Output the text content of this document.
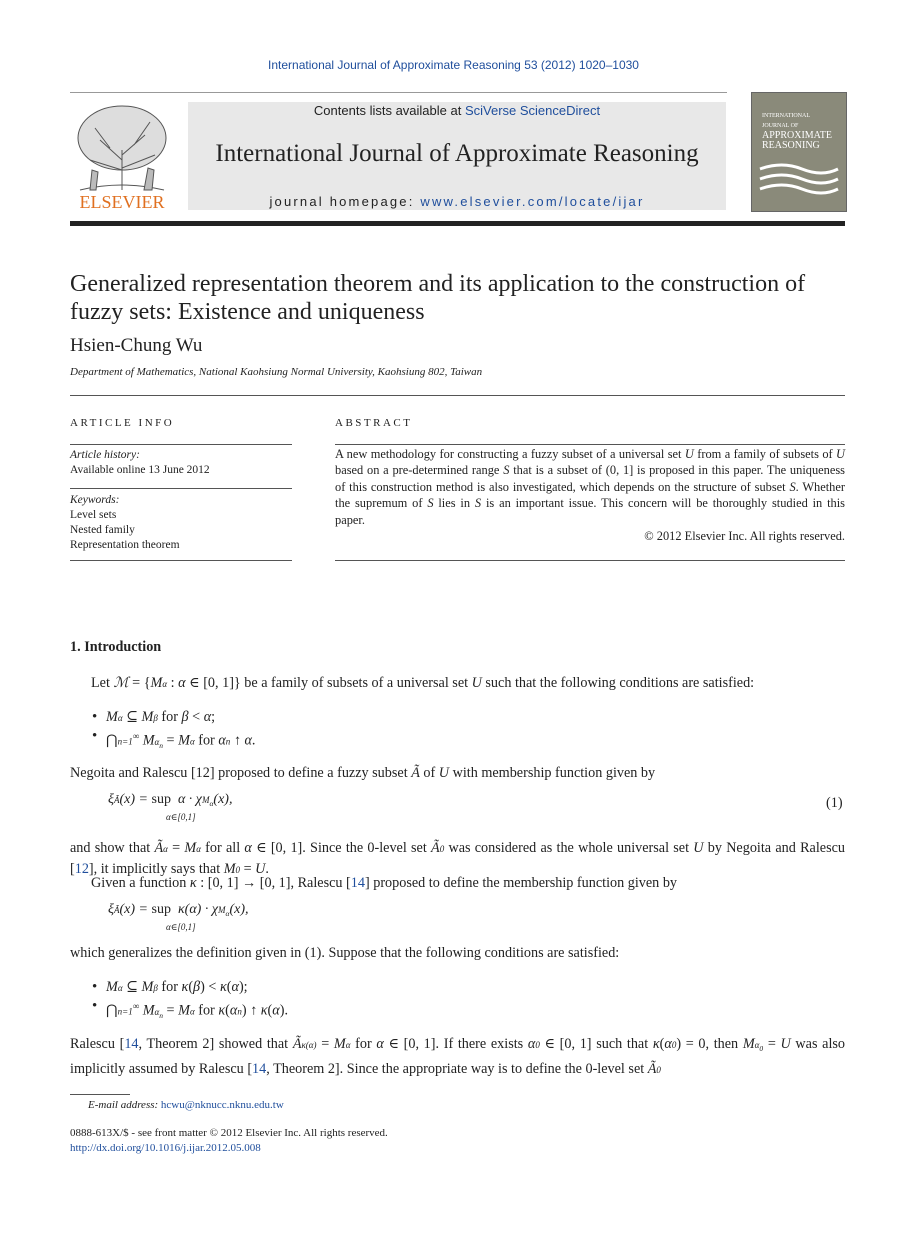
International Journal of Approximate Reasoning 53 (2012) 1020–1030
ELSEVIER
Contents lists available at SciVerse ScienceDirect
International Journal of Approximate Reasoning
journal homepage: www.elsevier.com/locate/ijar
INTERNATIONAL JOURNAL OF
APPROXIMATE
REASONING
Generalized representation theorem and its application to the construction of fuzzy sets: Existence and uniqueness
Hsien-Chung Wu
Department of Mathematics, National Kaohsiung Normal University, Kaohsiung 802, Taiwan
ARTICLE INFO
Article history:
Available online 13 June 2012
Keywords:
Level sets
Nested family
Representation theorem
ABSTRACT
A new methodology for constructing a fuzzy subset of a universal set U from a family of subsets of U based on a pre-determined range S that is a subset of (0, 1] is proposed in this paper. The uniqueness of this construction method is also investigated, which depends on the structure of subset S. Whether the supremum of S lies in S is an important issue. This concern will be thoroughly studied in this paper.
© 2012 Elsevier Inc. All rights reserved.
1. Introduction
Let ℳ = {Mα : α ∈ [0, 1]} be a family of subsets of a universal set U such that the following conditions are satisfied:
• Mα ⊆ Mβ for β < α;
• ⋂n=1∞ $M\alpha_n = M\alpha$ for αn ↑ α.
Negoita and Ralescu [12] proposed to define a fuzzy subset Ã of U with membership function given by
ξÃ(x) = sup  $\alpha \cdot \chi M_\alpha(x)$,
α∈[0,1]
(1)
and show that Ãα = Mα for all α ∈ [0, 1]. Since the 0-level set Ã0 was considered as the whole universal set U by Negoita and Ralescu [12], it implicitly says that M0 = U.
Given a function κ : [0, 1] → [0, 1], Ralescu [14] proposed to define the membership function given by
ξÃ(x) = sup  $\kappa(\alpha) \cdot \chi M_\alpha(x)$,
α∈[0,1]
which generalizes the definition given in (1). Suppose that the following conditions are satisfied:
• Mα ⊆ Mβ for κ(β) < κ(α);
• ⋂n=1∞ $M\alpha_n = M\alpha$ for κ(αn) ↑ κ(α).
Ralescu [14, Theorem 2] showed that Ãκ(α) = Mα for α ∈ [0, 1]. If there exists α0 ∈ [0, 1] such that κ(α0) = 0, then $M\alpha_0 = U$ was also implicitly assumed by Ralescu [14, Theorem 2]. Since the appropriate way is to define the 0-level set Ã0
E-mail address: hcwu@nknucc.nknu.edu.tw
0888-613X/$ - see front matter © 2012 Elsevier Inc. All rights reserved.
http://dx.doi.org/10.1016/j.ijar.2012.05.008
